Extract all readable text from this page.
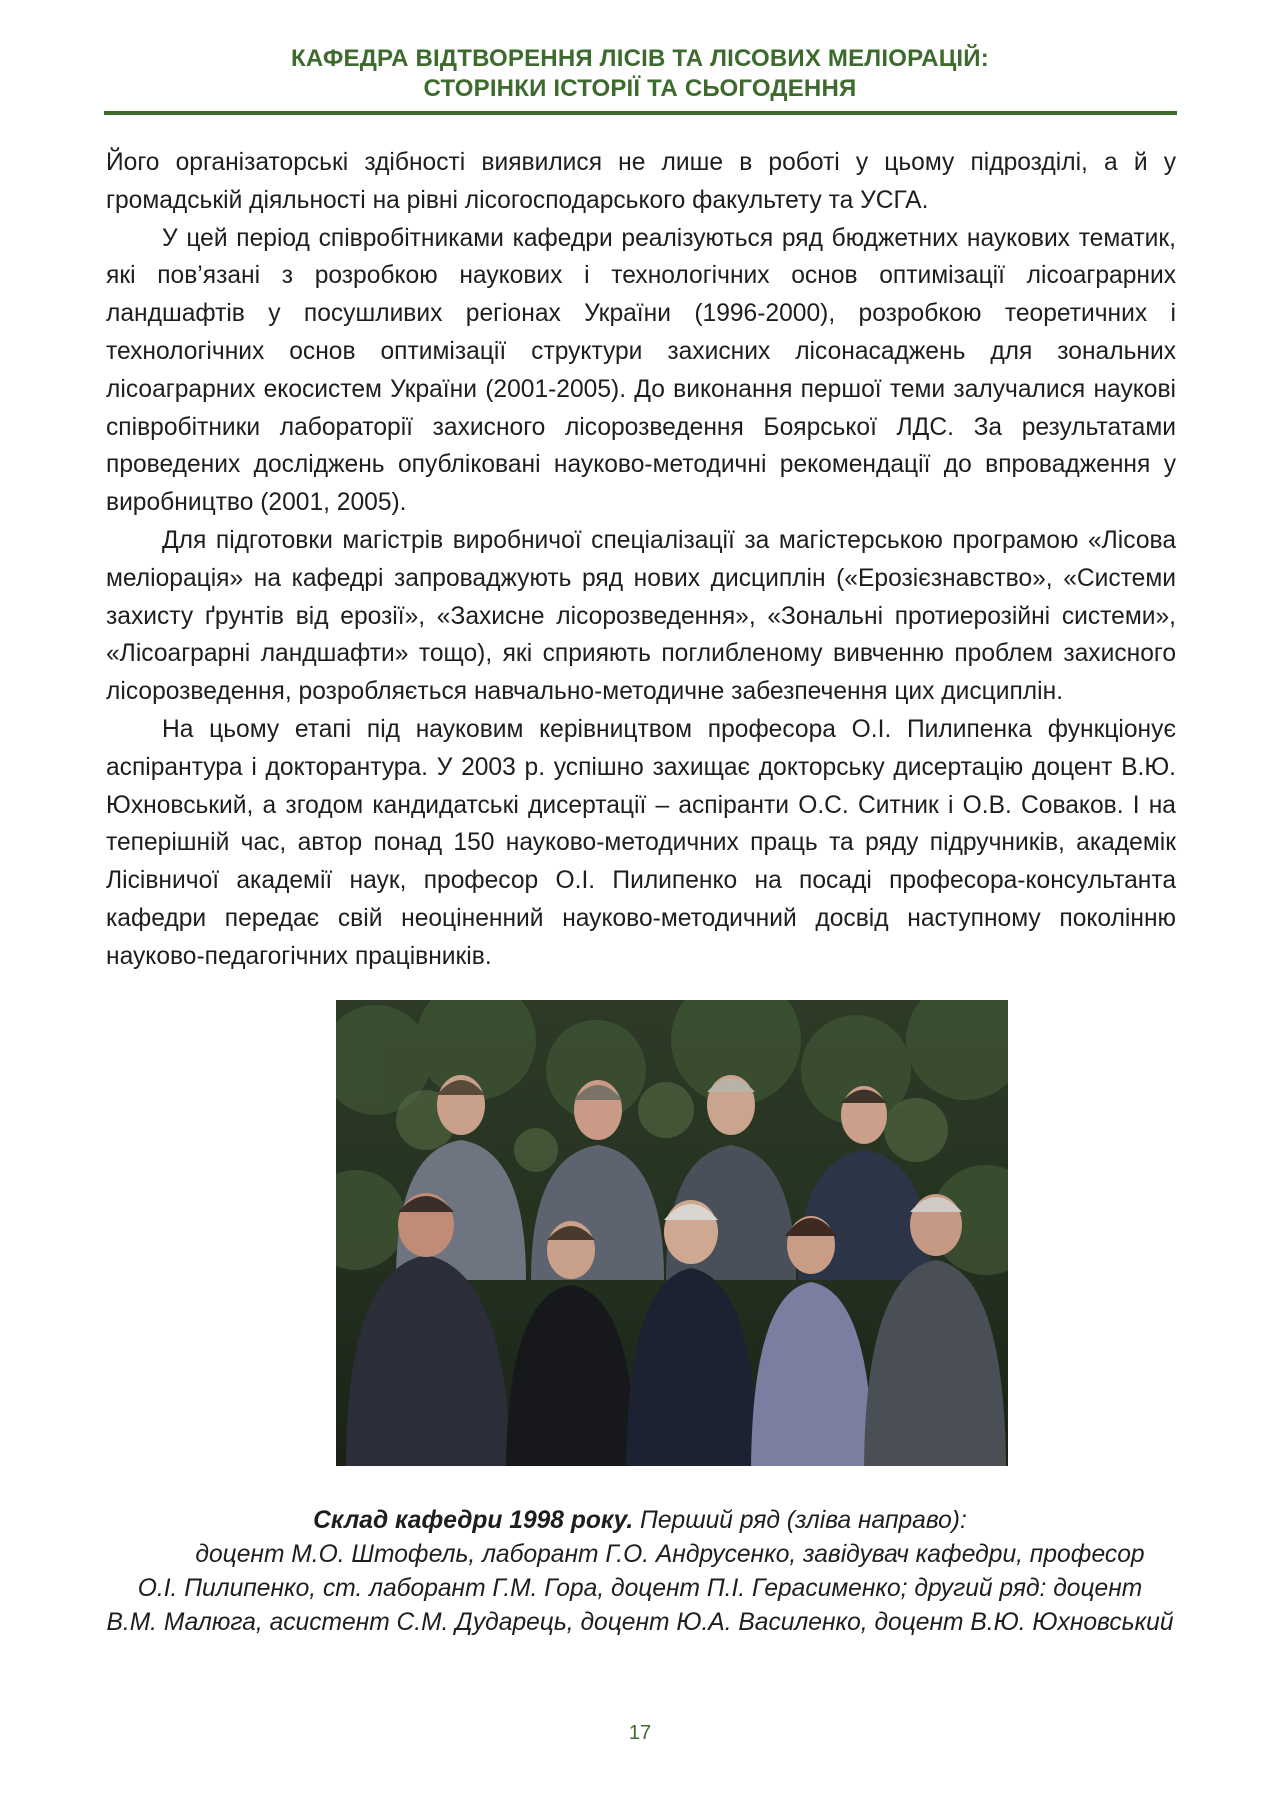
КАФЕДРА ВІДТВОРЕННЯ ЛІСІВ ТА ЛІСОВИХ МЕЛІОРАЦІЙ:
СТОРІНКИ ІСТОРІЇ ТА СЬОГОДЕННЯ

Його організаторські здібності виявилися не лише в роботі у цьому підрозділі, а й у громадській діяльності на рівні лісогосподарського факультету та УСГА.

У цей період співробітниками кафедри реалізуються ряд бюджетних наукових тематик, які пов’язані з розробкою наукових і технологічних основ оптимізації лісоаграрних ландшафтів у посушливих регіонах України (1996-2000), розробкою теоретичних і технологічних основ оптимізації структури захисних лісонасаджень для зональних лісоаграрних екосистем України (2001-2005). До виконання першої теми залучалися наукові співробітники лабораторії захисного лісорозведення Боярської ЛДС. За результатами проведених досліджень опубліковані науково-методичні рекомендації до впровадження у виробництво (2001, 2005).

Для підготовки магістрів виробничої спеціалізації за магістерською програмою «Лісова меліорація» на кафедрі запроваджують ряд нових дисциплін («Ерозієзнавство», «Системи захисту ґрунтів від ерозії», «Захисне лісорозведення», «Зональні протиерозійні системи», «Лісоаграрні ландшафти» тощо), які сприяють поглибленому вивченню проблем захисного лісорозведення, розробляється навчально-методичне забезпечення цих дисциплін.

На цьому етапі під науковим керівництвом професора О.І. Пилипенка функціонує аспірантура і докторантура. У 2003 р. успішно захищає докторську дисертацію доцент В.Ю. Юхновський, а згодом кандидатські дисертації – аспіранти О.С. Ситник і О.В. Соваков. І на теперішній час, автор понад 150 науково-методичних праць та ряду підручників, академік Лісівничої академії наук, професор О.І. Пилипенко на посаді професора-консультанта кафедри передає свій неоціненний науково-методичний досвід наступному поколінню науково-педагогічних працівників.

Склад кафедри 1998 року. Перший ряд (зліва направо):
доцент М.О. Штофель, лаборант Г.О. Андрусенко, завідувач кафедри, професор
О.І. Пилипенко, ст. лаборант Г.М. Гора, доцент П.І. Герасименко; другий ряд: доцент
В.М. Малюга, асистент С.М. Дударець, доцент Ю.А. Василенко, доцент В.Ю. Юхновський
17
